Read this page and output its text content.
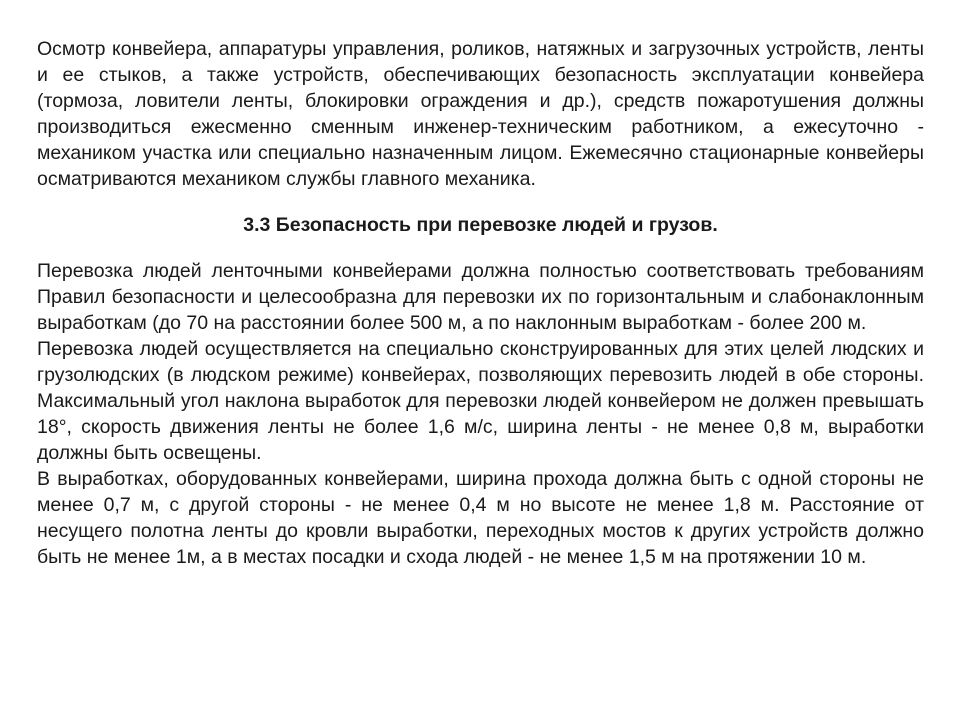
Осмотр конвейера, аппаратуры управления, роликов, натяжных и загрузочных устройств, ленты и ее стыков, а также устройств, обеспечивающих безопасность эксплуатации конвейера (тормоза, ловители ленты, блокировки ограждения и др.), средств пожаротушения должны производиться ежесменно сменным инженер-техническим работником, а ежесуточно - механиком участка или специально назначенным лицом. Ежемесячно стационарные конвейеры осматриваются механиком службы главного механика.

3.3 Безопасность при перевозке людей и грузов.

Перевозка людей ленточными конвейерами должна полностью соответствовать требованиям Правил безопасности и целесообразна для перевозки их по горизонтальным и слабонаклонным выработкам (до 70 на расстоянии более 500 м, а по наклонным выработкам - более 200 м.

Перевозка людей осуществляется на специально сконструированных для этих целей людских и грузолюдских (в людском режиме) конвейерах, позволяющих перевозить людей в обе стороны. Максимальный угол наклона выработок для перевозки людей конвейером не должен превышать 18°, скорость движения ленты не более 1,6 м/с, ширина ленты - не менее 0,8 м, выработки должны быть освещены.

В выработках, оборудованных конвейерами, ширина прохода должна быть с одной стороны не менее 0,7 м, с другой стороны - не менее 0,4 м но высоте не менее 1,8 м. Расстояние от несущего полотна ленты до кровли выработки, переходных мостов к других устройств должно быть не менее 1м, а в местах посадки и схода людей - не менее 1,5 м на протяжении 10 м.
